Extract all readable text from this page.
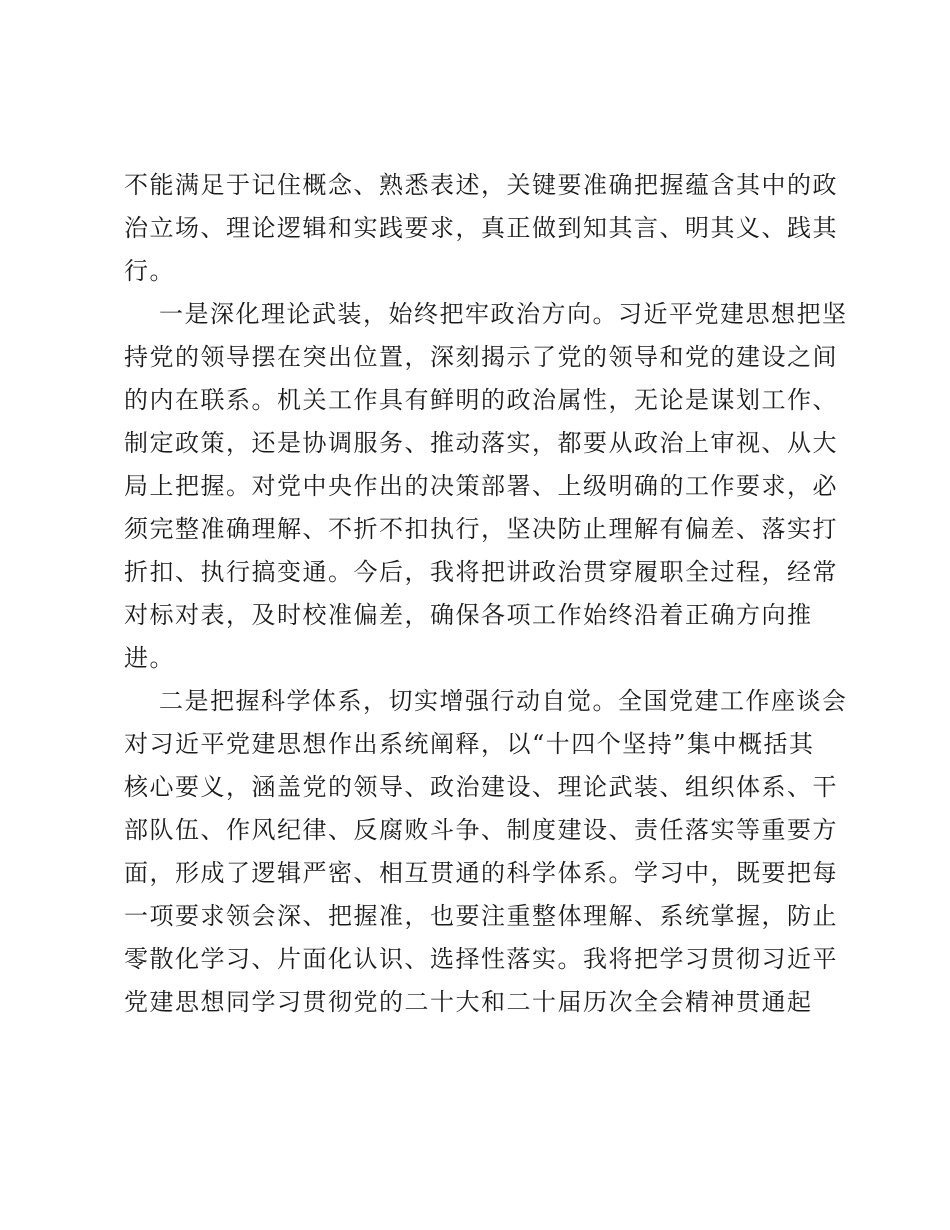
不能满足于记住概念、熟悉表述，关键要准确把握蕴含其中的政
治立场、理论逻辑和实践要求，真正做到知其言、明其义、践其
行。
一是深化理论武装，始终把牢政治方向。习近平党建思想把坚
持党的领导摆在突出位置，深刻揭示了党的领导和党的建设之间
的内在联系。机关工作具有鲜明的政治属性，无论是谋划工作、
制定政策，还是协调服务、推动落实，都要从政治上审视、从大
局上把握。对党中央作出的决策部署、上级明确的工作要求，必
须完整准确理解、不折不扣执行，坚决防止理解有偏差、落实打
折扣、执行搞变通。今后，我将把讲政治贯穿履职全过程，经常
对标对表，及时校准偏差，确保各项工作始终沿着正确方向推
进。
二是把握科学体系，切实增强行动自觉。全国党建工作座谈会
对习近平党建思想作出系统阐释，以“十四个坚持”集中概括其
核心要义，涵盖党的领导、政治建设、理论武装、组织体系、干
部队伍、作风纪律、反腐败斗争、制度建设、责任落实等重要方
面，形成了逻辑严密、相互贯通的科学体系。学习中，既要把每
一项要求领会深、把握准，也要注重整体理解、系统掌握，防止
零散化学习、片面化认识、选择性落实。我将把学习贯彻习近平
党建思想同学习贯彻党的二十大和二十届历次全会精神贯通起
